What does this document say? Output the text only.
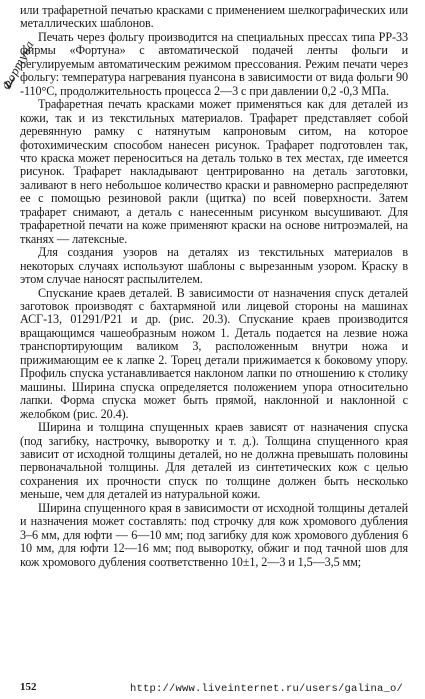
Фортуна

или трафаретной печатью красками с применением шелкографических или металлических шаблонов.

Печать через фольгу производится на специальных прессах типа РР-33 фирмы «Фортуна» с автоматической подачей ленты фольги и регулируемым автоматическим режимом прессования. Режим печати через фольгу: температура нагревания пуансона в зависимости от вида фольги 90 -110°С, продолжительность процесса 2—3 с при давлении 0,2 -0,3 МПа.

Трафаретная печать красками может применяться как для деталей из кожи, так и из текстильных материалов. Трафарет представляет собой деревянную рамку с натянутым капроновым ситом, на которое фотохимическим способом нанесен рисунок. Трафарет подготовлен так, что краска может переноситься на деталь только в тех местах, где имеется рисунок. Трафарет накладывают центрированно на деталь заготовки, заливают в него небольшое количество краски и равномерно распределяют ее с помощью резиновой ракли (щитка) по всей поверхности. Затем трафарет снимают, а деталь с нанесенным рисунком высушивают. Для трафаретной печати на коже применяют краски на основе нитроэмалей, на тканях — латексные.

Для создания узоров на деталях из текстильных материалов в некоторых случаях используют шаблоны с вырезанным узором. Краску в этом случае наносят распылителем.

Спускание краев деталей. В зависимости от назначения спуск деталей заготовок производят с бахтармяной или лицевой стороны на машинах АСГ-13, 01291/Р21 и др. (рис. 20.3). Спускание краев производится вращающимся чашеобразным ножом 1. Деталь подается на лезвие ножа транспортирующим валиком 3, расположенным внутри ножа и прижимающим ее к лапке 2. Торец детали прижимается к боковому упору. Профиль спуска устанавливается наклоном лапки по отношению к столику машины. Ширина спуска определяется положением упора относительно лапки. Форма спуска может быть прямой, наклонной и наклонной с желобком (рис. 20.4).

Ширина и толщина спущенных краев зависят от назначения спуска (под загибку, настрочку, выворотку и т. д.). Толщина спущенного края зависит от исходной толщины деталей, но не должна превышать половины первоначальной толщины. Для деталей из синтетических кож с целью сохранения их прочности спуск по толщине должен быть несколько меньше, чем для деталей из натуральной кожи.

Ширина спущенного края в зависимости от исходной толщины деталей и назначения может составлять: под строчку для кож хромового дубления 3–6 мм, для юфти — 6—10 мм; под загибку для кож хромового дубления 6 10 мм, для юфти 12—16 мм; под выворотку, обжиг и под тачной шов для кож хромового дубления соответственно 10±1, 2—3 и 1,5—3,5 мм;

152	http://www.liveinternet.ru/users/galina_o/
